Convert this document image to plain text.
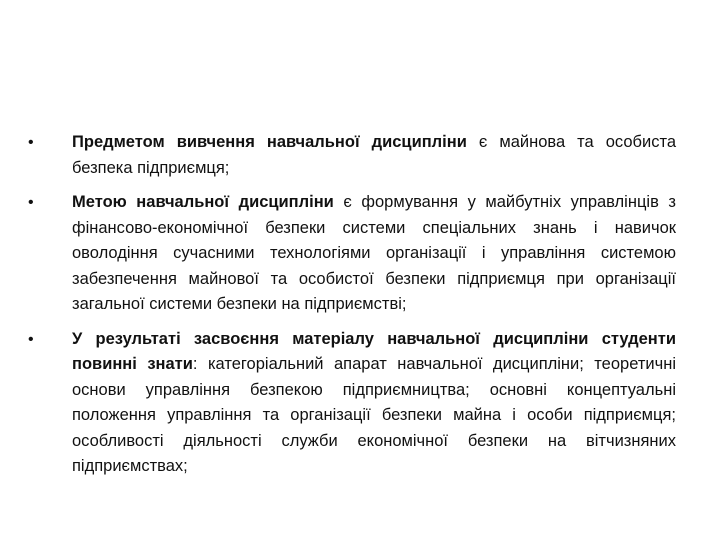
•	Предметом вивчення навчальної дисципліни є майнова та особиста безпека підприємця;
•	Метою навчальної дисципліни є формування у майбутніх управлінців з фінансово-економічної безпеки системи спеціальних знань і навичок оволодіння сучасними технологіями організації і управління системою забезпечення майнової та особистої безпеки підприємця при організації загальної системи безпеки на підприємстві;
•	У результаті засвоєння матеріалу навчальної дисципліни студенти повинні знати: категоріальний апарат навчальної дисципліни; теоретичні основи управління безпекою підприємництва; основні концептуальні положення управління та організації безпеки майна і особи підприємця; особливості діяльності служби економічної безпеки на вітчизняних підприємствах;
